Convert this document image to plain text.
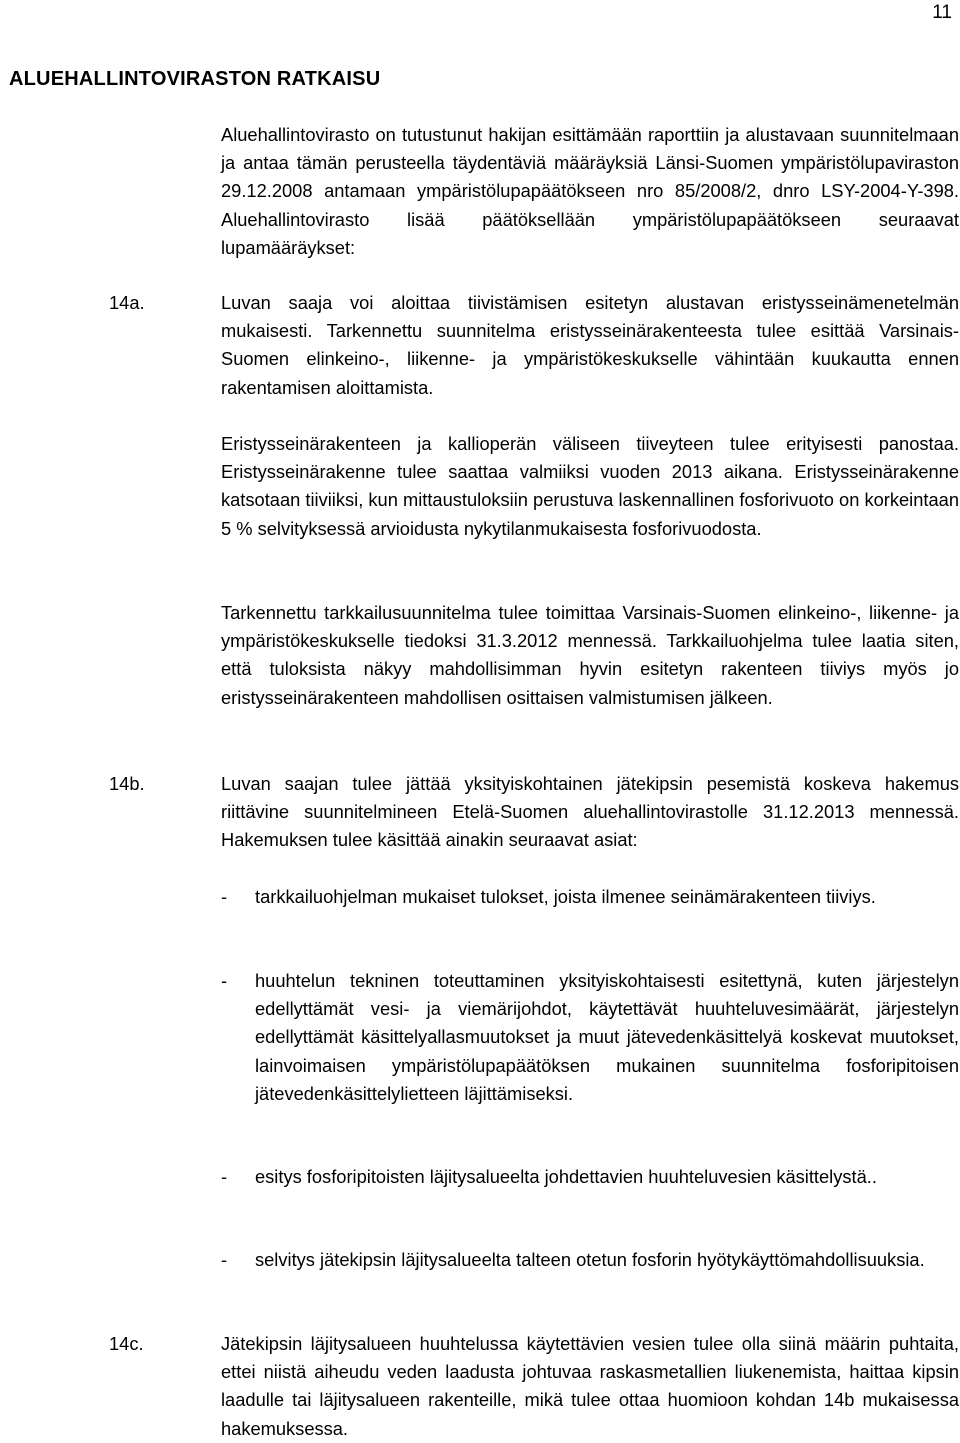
11
ALUEHALLINTOVIRASTON RATKAISU
Aluehallintovirasto on tutustunut hakijan esittämään raporttiin ja alustavaan suunnitelmaan ja antaa tämän perusteella täydentäviä määräyksiä Länsi-Suomen ympäristölupaviraston 29.12.2008 antamaan ympäristölupapäätökseen nro 85/2008/2, dnro LSY-2004-Y-398. Aluehallintovirasto lisää päätöksellään ympäristölupapäätökseen seuraavat lupamääräykset:
14a.	Luvan saaja voi aloittaa tiivistämisen esitetyn alustavan eristysseinämenetelmän mukaisesti. Tarkennettu suunnitelma eristysseinärakenteesta tulee esittää Varsinais-Suomen elinkeino-, liikenne- ja ympäristökeskukselle vähintään kuukautta ennen rakentamisen aloittamista.
Eristysseinärakenteen ja kallioperän väliseen tiiveyteen tulee erityisesti panostaa. Eristysseinärakenne tulee saattaa valmiiksi vuoden 2013 aikana. Eristysseinärakenne katsotaan tiiviiksi, kun mittaustuloksiin perustuva laskennallinen fosforivuoto on korkeintaan 5 % selvityksessä arvioidusta nykytilanmukaisesta fosforivuodosta.
Tarkennettu tarkkailusuunnitelma tulee toimittaa Varsinais-Suomen elinkeino-, liikenne- ja ympäristökeskukselle tiedoksi 31.3.2012 mennessä. Tarkkailuohjelma tulee laatia siten, että tuloksista näkyy mahdollisimman hyvin esitetyn rakenteen tiiviys myös jo eristysseinärakenteen mahdollisen osittaisen valmistumisen jälkeen.
14b.	Luvan saajan tulee jättää yksityiskohtainen jätekipsin pesemistä koskeva hakemus riittävine suunnitelmineen Etelä-Suomen aluehallintovirastolle 31.12.2013 mennessä. Hakemuksen tulee käsittää ainakin seuraavat asiat:
- tarkkailuohjelman mukaiset tulokset, joista ilmenee seinämärakenteen tiiviys.
- huuhtelun tekninen toteuttaminen yksityiskohtaisesti esitettynä, kuten järjestelyn edellyttämät vesi- ja viemärijohdot, käytettävät huuhteluvesimäärät, järjestelyn edellyttämät käsittelyallasmuutokset ja muut jätevedenkäsittelyä koskevat muutokset, lainvoimaisen ympäristölupapäätöksen mukainen suunnitelma fosforipitoisen jätevedenkäsittelylietteen läjittämiseksi.
- esitys fosforipitoisten läjitysalueelta johdettavien huuhteluvesien käsittelystä..
- selvitys jätekipsin läjitysalueelta talteen otetun fosforin hyötykäyttömahdollisuuksia.
14c.	Jätekipsin läjitysalueen huuhtelussa käytettävien vesien tulee olla siinä määrin puhtaita, ettei niistä aiheudu veden laadusta johtuvaa raskasmetallien liukenemista, haittaa kipsin laadulle tai läjitysalueen rakenteille, mikä tulee ottaa huomioon kohdan 14b mukaisessa hakemuksessa.
